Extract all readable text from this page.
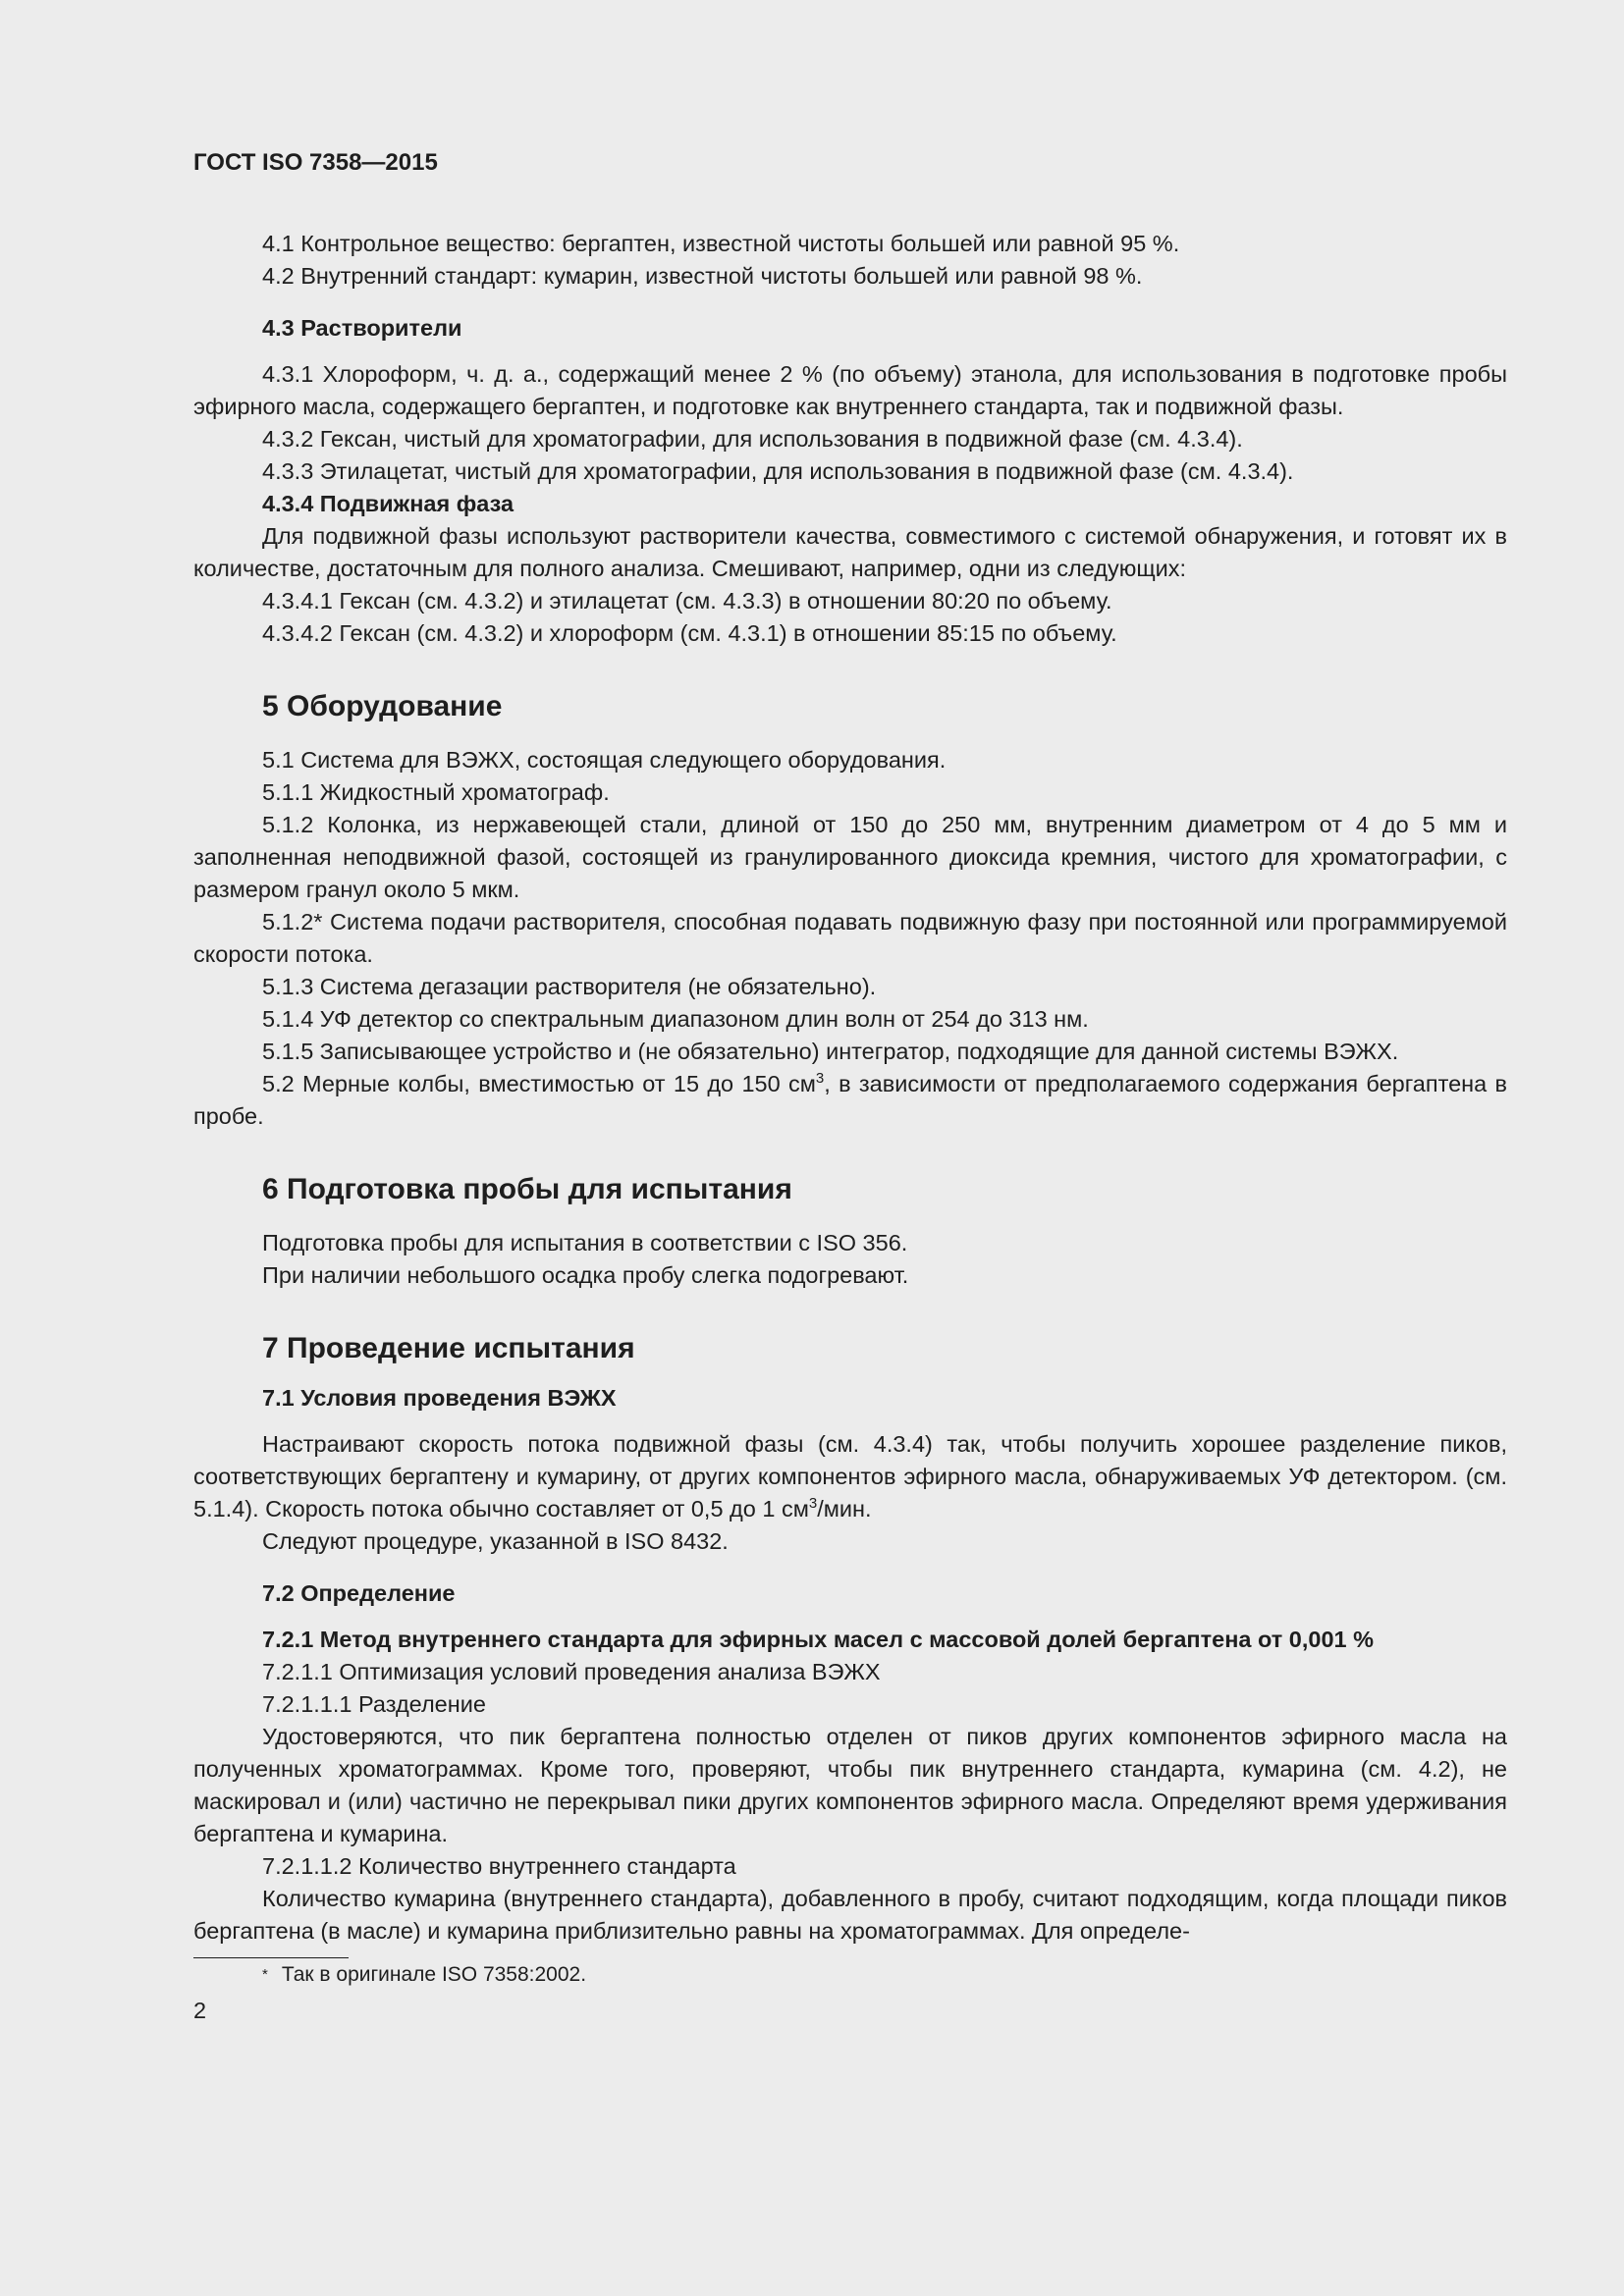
ГОСТ ISO 7358—2015
4.1 Контрольное вещество: бергаптен, известной чистоты большей или равной 95 %.
4.2 Внутренний стандарт: кумарин, известной чистоты большей или равной 98 %.
4.3 Растворители
4.3.1 Хлороформ, ч. д. а., содержащий менее 2 % (по объему) этанола, для использования в подготовке пробы эфирного масла, содержащего бергаптен, и подготовке как внутреннего стандарта, так и подвижной фазы.
4.3.2 Гексан, чистый для хроматографии, для использования в подвижной фазе (см. 4.3.4).
4.3.3 Этилацетат, чистый для хроматографии, для использования в подвижной фазе (см. 4.3.4).
4.3.4 Подвижная фаза
Для подвижной фазы используют растворители качества, совместимого с системой обнаружения, и готовят их в количестве, достаточным для полного анализа. Смешивают, например, одни из следующих:
4.3.4.1 Гексан (см. 4.3.2) и этилацетат (см. 4.3.3) в отношении 80:20 по объему.
4.3.4.2 Гексан (см. 4.3.2) и хлороформ (см. 4.3.1) в отношении 85:15 по объему.
5 Оборудование
5.1 Система для ВЭЖХ, состоящая следующего оборудования.
5.1.1 Жидкостный хроматограф.
5.1.2 Колонка, из нержавеющей стали, длиной от 150 до 250 мм, внутренним диаметром от 4 до 5 мм и заполненная неподвижной фазой, состоящей из гранулированного диоксида кремния, чистого для хроматографии, с размером гранул около 5 мкм.
5.1.2* Система подачи растворителя, способная подавать подвижную фазу при постоянной или программируемой скорости потока.
5.1.3 Система дегазации растворителя (не обязательно).
5.1.4 УФ детектор со спектральным диапазоном длин волн от 254 до 313 нм.
5.1.5 Записывающее устройство и (не обязательно) интегратор, подходящие для данной системы ВЭЖХ.
5.2 Мерные колбы, вместимостью от 15 до 150 $см^3$, в зависимости от предполагаемого содержания бергаптена в пробе.
6 Подготовка пробы для испытания
Подготовка пробы для испытания в соответствии с ISO 356.
При наличии небольшого осадка пробу слегка подогревают.
7 Проведение испытания
7.1 Условия проведения ВЭЖХ
Настраивают скорость потока подвижной фазы (см. 4.3.4) так, чтобы получить хорошее разделение пиков, соответствующих бергаптену и кумарину, от других компонентов эфирного масла, обнаруживаемых УФ детектором. (см. 5.1.4). Скорость потока обычно составляет от 0,5 до 1 $см^3$/мин.
Следуют процедуре, указанной в ISO 8432.
7.2 Определение
7.2.1 Метод внутреннего стандарта для эфирных масел с массовой долей бергаптена от 0,001 %
7.2.1.1 Оптимизация условий проведения анализа ВЭЖХ
7.2.1.1.1 Разделение
Удостоверяются, что пик бергаптена полностью отделен от пиков других компонентов эфирного масла на полученных хроматограммах. Кроме того, проверяют, чтобы пик внутреннего стандарта, кумарина (см. 4.2), не маскировал и (или) частично не перекрывал пики других компонентов эфирного масла. Определяют время удерживания бергаптена и кумарина.
7.2.1.1.2 Количество внутреннего стандарта
Количество кумарина (внутреннего стандарта), добавленного в пробу, считают подходящим, когда площади пиков бергаптена (в масле) и кумарина приблизительно равны на хроматограммах. Для определе-
* Так в оригинале ISO 7358:2002.
2
